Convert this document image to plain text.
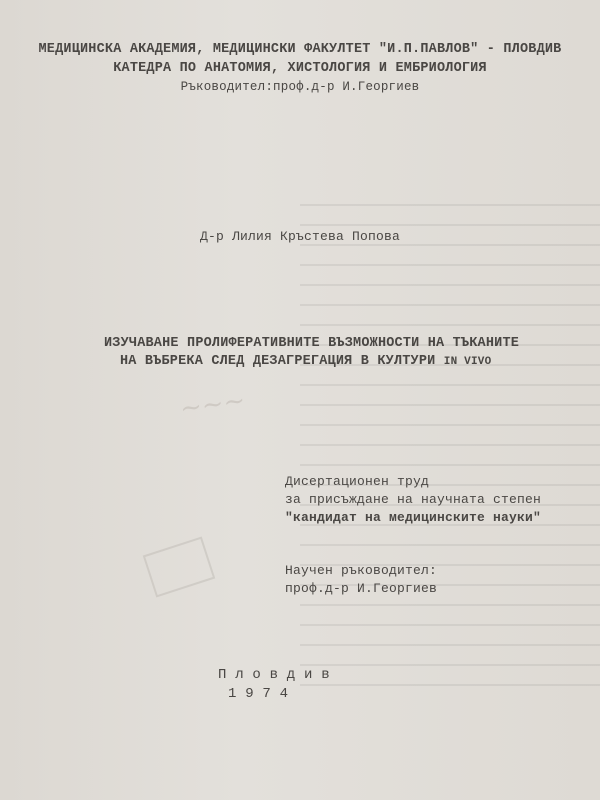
~~~
МЕДИЦИНСКА АКАДЕМИЯ, МЕДИЦИНСКИ ФАКУЛТЕТ "И.П.ПАВЛОВ" - ПЛОВДИВ
КАТЕДРА ПО АНАТОМИЯ, ХИСТОЛОГИЯ И ЕМБРИОЛОГИЯ
Ръководител:проф.д-р И.Георгиев
Д-р Лилия Кръстева Попова
ИЗУЧАВАНЕ ПРОЛИФЕРАТИВНИТЕ ВЪЗМОЖНОСТИ НА ТЪКАНИТЕ
НА ВЪБРЕКА СЛЕД ДЕЗАГРЕГАЦИЯ В КУЛТУРИ IN VIVO
Дисертационен труд
за присъждане на научната степен
"кандидат на медицинските науки"
Научен ръководител:
проф.д-р И.Георгиев
П л о в д и в
1 9 7 4
